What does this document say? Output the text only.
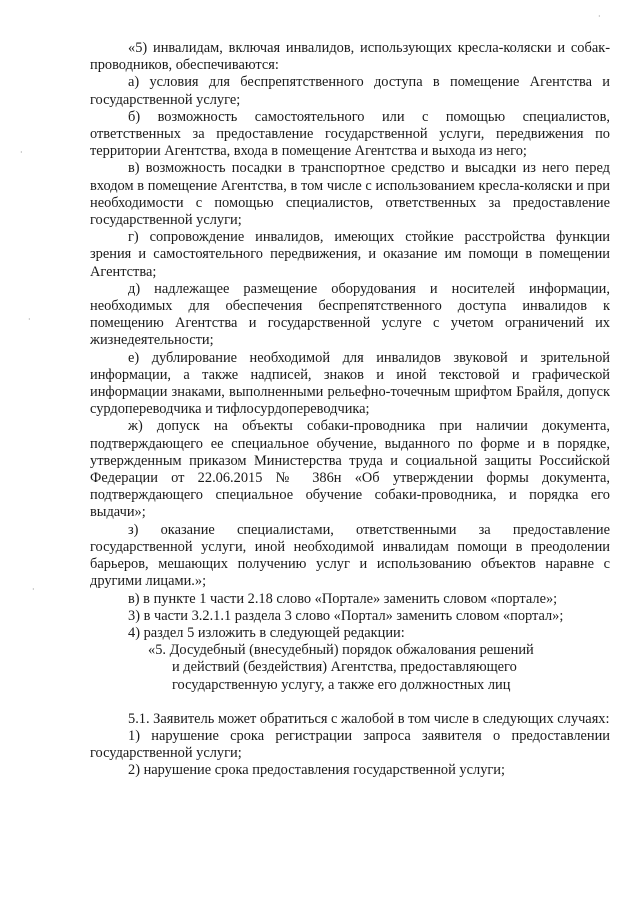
·
·
·
·

«5) инвалидам, включая инвалидов, использующих кресла-коляски и собак-проводников, обеспечиваются:

а) условия для беспрепятственного доступа в помещение Агентства и государственной услуге;

б) возможность самостоятельного или с помощью специалистов, ответственных за предоставление государственной услуги, передвижения по территории Агентства, входа в помещение Агентства и выхода из него;

в) возможность посадки в транспортное средство и высадки из него перед входом в помещение Агентства, в том числе с использованием кресла-коляски и при необходимости с помощью специалистов, ответственных за предоставление государственной услуги;

г) сопровождение инвалидов, имеющих стойкие расстройства функции зрения и самостоятельного передвижения, и оказание им помощи в помещении Агентства;

д) надлежащее размещение оборудования и носителей информации, необходимых для обеспечения беспрепятственного доступа инвалидов к помещению Агентства и государственной услуге с учетом ограничений их жизнедеятельности;

е) дублирование необходимой для инвалидов звуковой и зрительной информации, а также надписей, знаков и иной текстовой и графической информации знаками, выполненными рельефно-точечным шрифтом Брайля, допуск сурдопереводчика и тифлосурдопереводчика;

ж) допуск на объекты собаки-проводника при наличии документа, подтверждающего ее специальное обучение, выданного по форме и в порядке, утвержденным приказом Министерства труда и социальной защиты Российской Федерации от 22.06.2015 № 386н «Об утверждении формы документа, подтверждающего специальное обучение собаки-проводника, и порядка его выдачи»;

з) оказание специалистами, ответственными за предоставление государственной услуги, иной необходимой инвалидам помощи в преодолении барьеров, мешающих получению услуг и использованию объектов наравне с другими лицами.»;

в) в пункте 1 части 2.18 слово «Портале» заменить словом «портале»;

3) в части 3.2.1.1 раздела 3 слово «Портал» заменить словом «портал»;

4) раздел 5 изложить в следующей редакции:

«5. Досудебный (внесудебный) порядок обжалования решений
и действий (бездействия) Агентства, предоставляющего
государственную услугу, а также его должностных лиц

5.1. Заявитель может обратиться с жалобой в том числе в следующих случаях:

1) нарушение срока регистрации запроса заявителя о предоставлении государственной услуги;

2) нарушение срока предоставления государственной услуги;
